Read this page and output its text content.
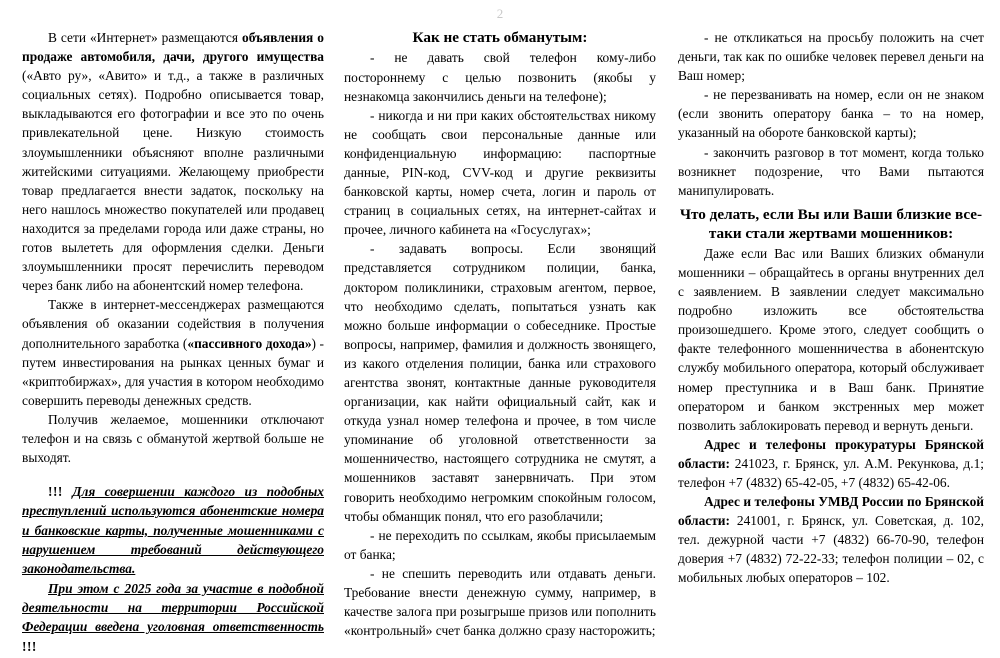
2

В сети «Интернет» размещаются объявления о продаже автомобиля, дачи, другого имущества («Авто ру», «Авито» и т.д., а также в различных социальных сетях). Подробно описывается товар, выкладываются его фотографии и все это по очень привлекательной цене. Низкую стоимость злоумышленники объясняют вполне различными житейскими ситуациями. Желающему приобрести товар предлагается внести задаток, поскольку на него нашлось множество покупателей или продавец находится за пределами города или даже страны, но готов вылететь для оформления сделки. Деньги злоумышленники просят перечислить переводом через банк либо на абонентский номер телефона.

Также в интернет-мессенджерах размещаются объявления об оказании содействия в получения дополнительного заработка («пассивного дохода») - путем инвестирования на рынках ценных бумаг и «криптобиржах», для участия в котором необходимо совершить переводы денежных средств.

Получив желаемое, мошенники отключают телефон и на связь с обманутой жертвой больше не выходят.

!!! Для совершении каждого из подобных преступлений используются абонентские номера и банковские карты, полученные мошенниками с нарушением требований действующего законодательства.
При этом с 2025 года за участие в подобной деятельности на территории Российской Федерации введена уголовная ответственность !!!
Как не стать обманутым:

- не давать свой телефон кому-либо постороннему с целью позвонить (якобы у незнакомца закончились деньги на телефоне);

- никогда и ни при каких обстоятельствах никому не сообщать свои персональные данные или конфиденциальную информацию: паспортные данные, PIN-код, CVV-код и другие реквизиты банковской карты, номер счета, логин и пароль от страниц в социальных сетях, на интернет-сайтах и прочее, личного кабинета на «Госуслугах»;

- задавать вопросы. Если звонящий представляется сотрудником полиции, банка, доктором поликлиники, страховым агентом, первое, что необходимо сделать, попытаться узнать как можно больше информации о собеседнике. Простые вопросы, например, фамилия и должность звонящего, из какого отделения полиции, банка или страхового агентства звонят, контактные данные руководителя организации, как найти официальный сайт, как и откуда узнал номер телефона и прочее, в том числе упоминание об уголовной ответственности за мошенничество, настоящего сотрудника не смутят, а мошенников заставят занервничать. При этом говорить необходимо негромким спокойным голосом, чтобы обманщик понял, что его разоблачили;

- не переходить по ссылкам, якобы присылаемым от банка;

- не спешить переводить или отдавать деньги. Требование внести денежную сумму, например, в качестве залога при розыгрыше призов или пополнить «контрольный» счет банка должно сразу насторожить;

- не откликаться на просьбу положить на счет деньги, так как по ошибке человек перевел деньги на Ваш номер;

- не перезванивать на номер, если он не знаком (если звонить оператору банка – то на номер, указанный на обороте банковской карты);

- закончить разговор в тот момент, когда только возникнет подозрение, что Вами пытаются манипулировать.

Что делать, если Вы или Ваши близкие все-таки стали жертвами мошенников:

Даже если Вас или Ваших близких обманули мошенники – обращайтесь в органы внутренних дел с заявлением. В заявлении следует максимально подробно изложить все обстоятельства произошедшего. Кроме этого, следует сообщить о факте телефонного мошенничества в абонентскую службу мобильного оператора, который обслуживает номер преступника и в Ваш банк. Принятие оператором и банком экстренных мер может позволить заблокировать перевод и вернуть деньги.

Адрес и телефоны прокуратуры Брянской области: 241023, г. Брянск, ул. А.М. Рекункова, д.1; телефон +7 (4832) 65-42-05, +7 (4832) 65-42-06.

Адрес и телефоны УМВД России по Брянской области: 241001, г. Брянск, ул. Советская, д. 102, тел. дежурной части +7 (4832) 66-70-90, телефон доверия +7 (4832) 72-22-33; телефон полиции – 02, с мобильных любых операторов – 102.
